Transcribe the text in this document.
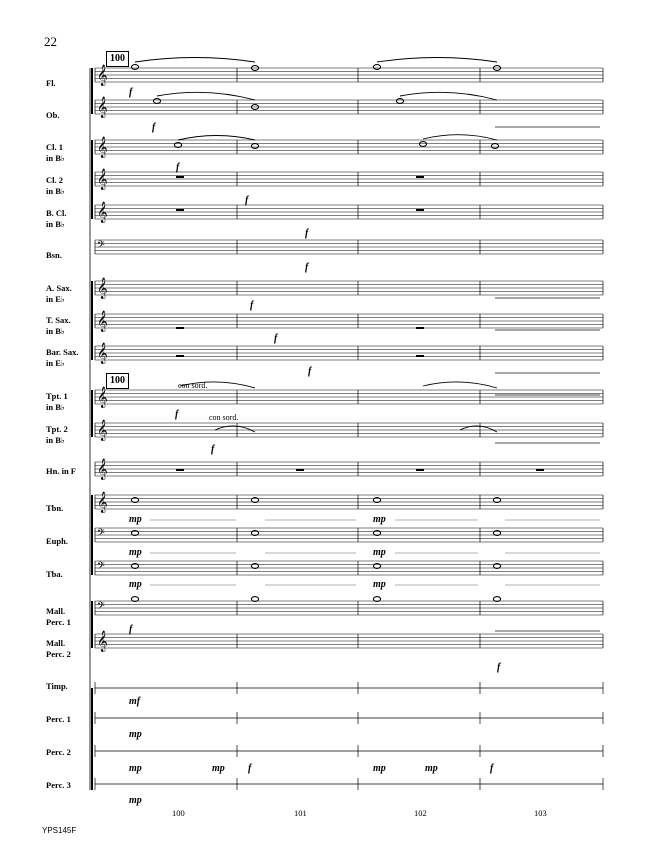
22
100
100
Fl.
Ob.
Cl. 1
in B♭
Cl. 2
in B♭
B. Cl.
in B♭
Bsn.
A. Sax.
in E♭
T. Sax.
in B♭
Bar. Sax.
in E♭
Tpt. 1
in B♭
Tpt. 2
in B♭
Hn. in F
Tbn.
Euph.
Tba.
Mall.
Perc. 1
Mall.
Perc. 2
Timp.
Perc. 1
Perc. 2
Perc. 3
𝄞
𝄞
𝄞
𝄞
𝄞
𝄢
𝄞
𝄞
𝄞
𝄞
𝄞
𝄞
𝄞
𝄢
𝄢
𝄢
𝄞
f
f
f
f
f
f
f
f
f
f
f
f
f
f	f
mp
mp
mp
mp
mp
mp
mp
mp
mp
mp	mp
mp
mf
con sord.
con sord.
100	101	102	103
YPS145F
